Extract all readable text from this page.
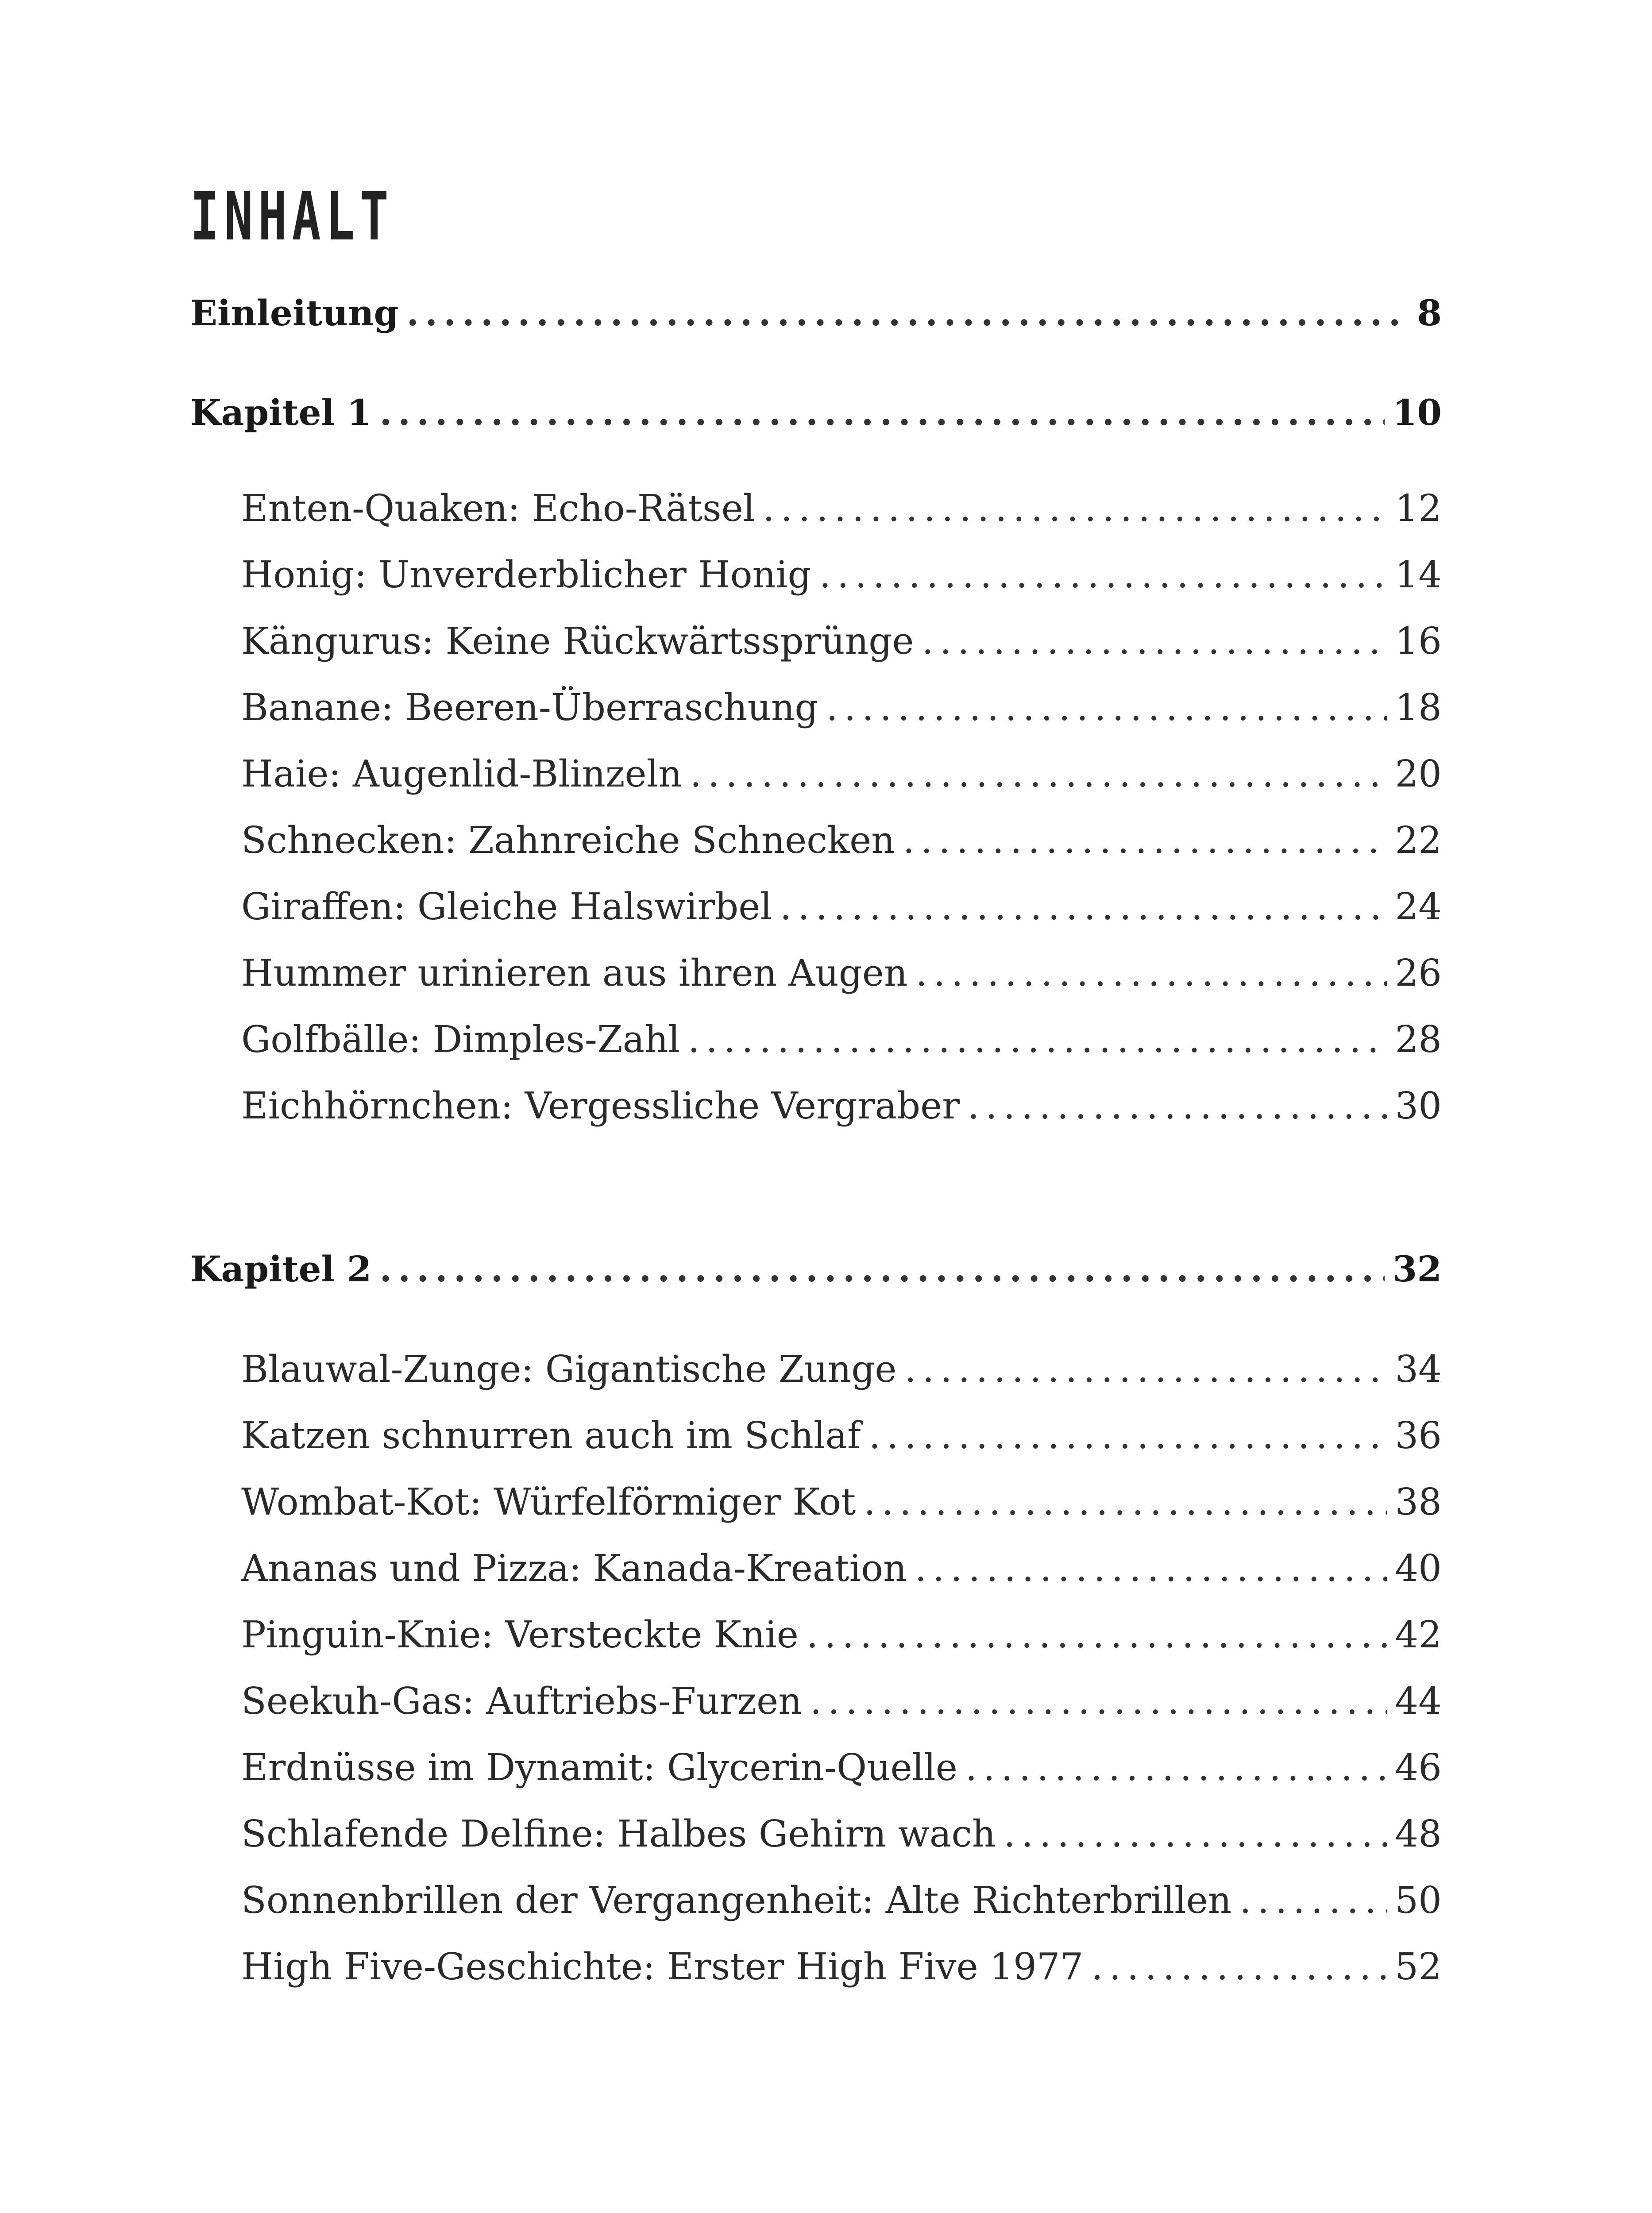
INHALT
Einleitung .....	8
Kapitel 1 .....	10
Enten-Quaken: Echo-Rätsel .....	12
Honig: Unverderblicher Honig .....	14
Kängurus: Keine Rückwärtssprünge .....	16
Banane: Beeren-Überraschung .....	18
Haie: Augenlid-Blinzeln .....	20
Schnecken: Zahnreiche Schnecken .....	22
Giraffen: Gleiche Halswirbel .....	24
Hummer urinieren aus ihren Augen .....	26
Golfbälle: Dimples-Zahl .....	28
Eichhörnchen: Vergessliche Vergraber .....	30
Kapitel 2 .....	32
Blauwal-Zunge: Gigantische Zunge .....	34
Katzen schnurren auch im Schlaf .....	36
Wombat-Kot: Würfelförmiger Kot .....	38
Ananas und Pizza: Kanada-Kreation .....	40
Pinguin-Knie: Versteckte Knie .....	42
Seekuh-Gas: Auftriebs-Furzen .....	44
Erdnüsse im Dynamit: Glycerin-Quelle .....	46
Schlafende Delfine: Halbes Gehirn wach .....	48
Sonnenbrillen der Vergangenheit: Alte Richterbrillen .....	50
High Five-Geschichte: Erster High Five 1977 .....	52
